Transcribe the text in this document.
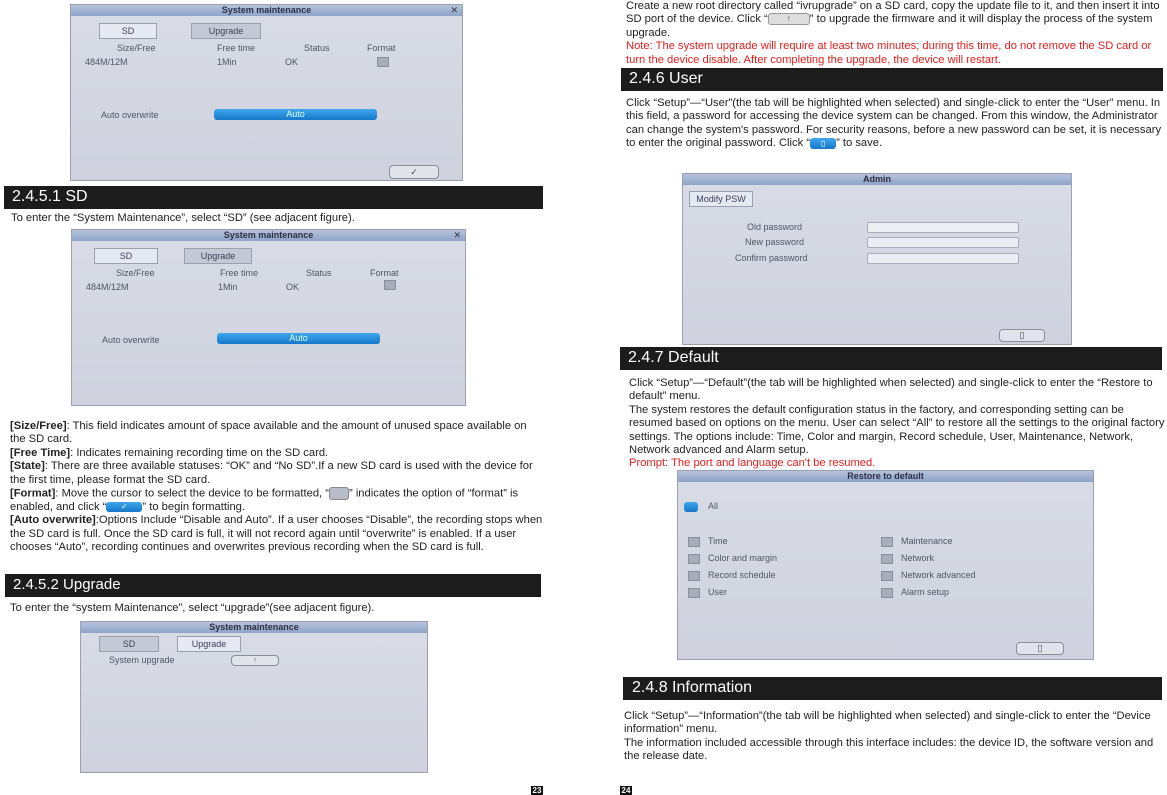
System maintenance	✕
SD	Upgrade
Size/Free	Free time	Status	Format
484M/12M	1Min	OK
Auto overwrite	Auto
✓
2.4.5.1 SD
To enter the “System Maintenance”, select “SD” (see adjacent figure).
System maintenance	✕
SD	Upgrade
Size/Free	Free time	Status	Format
484M/12M	1Min	OK
Auto overwrite	Auto

[Size/Free]: This field indicates amount of space available and the amount of unused space available on the SD card.

[Free Time]: Indicates remaining recording time on the SD card.

[State]: There are three available statuses: “OK” and “No SD”.If a new SD card is used with the device for the first time, please format the SD card.

[Format]: Move the cursor to select the device to be formatted, “ ” indicates the option of “format” is enabled, and click “ ✓ ” to begin formatting.

[Auto overwrite]:Options Include “Disable and Auto”. If a user chooses “Disable”, the recording stops when the SD card is full. Once the SD card is full, it will not record again until “overwrite” is enabled. If a user chooses “Auto”, recording continues and overwrites previous recording when the SD card is full.

2.4.5.2 Upgrade
To enter the “system Maintenance”, select “upgrade”(see adjacent figure).
System maintenance
SD	Upgrade
System upgrade	↑
23

Create a new root directory called “ivrupgrade” on a SD card, copy the update file to it, and then insert it into SD port of the device. Click “ ↑ ” to upgrade the firmware and it will display the process of the system upgrade.

Note: The system upgrade will require at least two minutes; during this time, do not remove the SD card or turn the device disable. After completing the upgrade, the device will restart.

2.4.6 User
Click “Setup”—“User”(the tab will be highlighted when selected) and single-click to enter the “User” menu. In this field, a password for accessing the device system can be changed. From this window, the Administrator can change the system's password. For security reasons, before a new password can be set, it is necessary to enter the original password. Click “ ▯ ” to save.
Admin
Modify PSW
Old password
New password
Confirm password
▯
2.4.7 Default

Click “Setup”—“Default”(the tab will be highlighted when selected) and single-click to enter the “Restore to default” menu.

The system restores the default configuration status in the factory, and corresponding setting can be resumed based on options on the menu. User can select “All” to restore all the settings to the original factory settings. The options include: Time, Color and margin, Record schedule, User, Maintenance, Network, Network advanced and Alarm setup.

Prompt: The port and language can't be resumed.

Restore to default
All
Time
Color and margin
Record schedule
User
Maintenance
Network
Network advanced
Alarm setup
▯
2.4.8 Information

Click “Setup”—“Information”(the tab will be highlighted when selected) and single-click to enter the “Device information” menu.

The information included accessible through this interface includes: the device ID, the software version and the release date.

24
